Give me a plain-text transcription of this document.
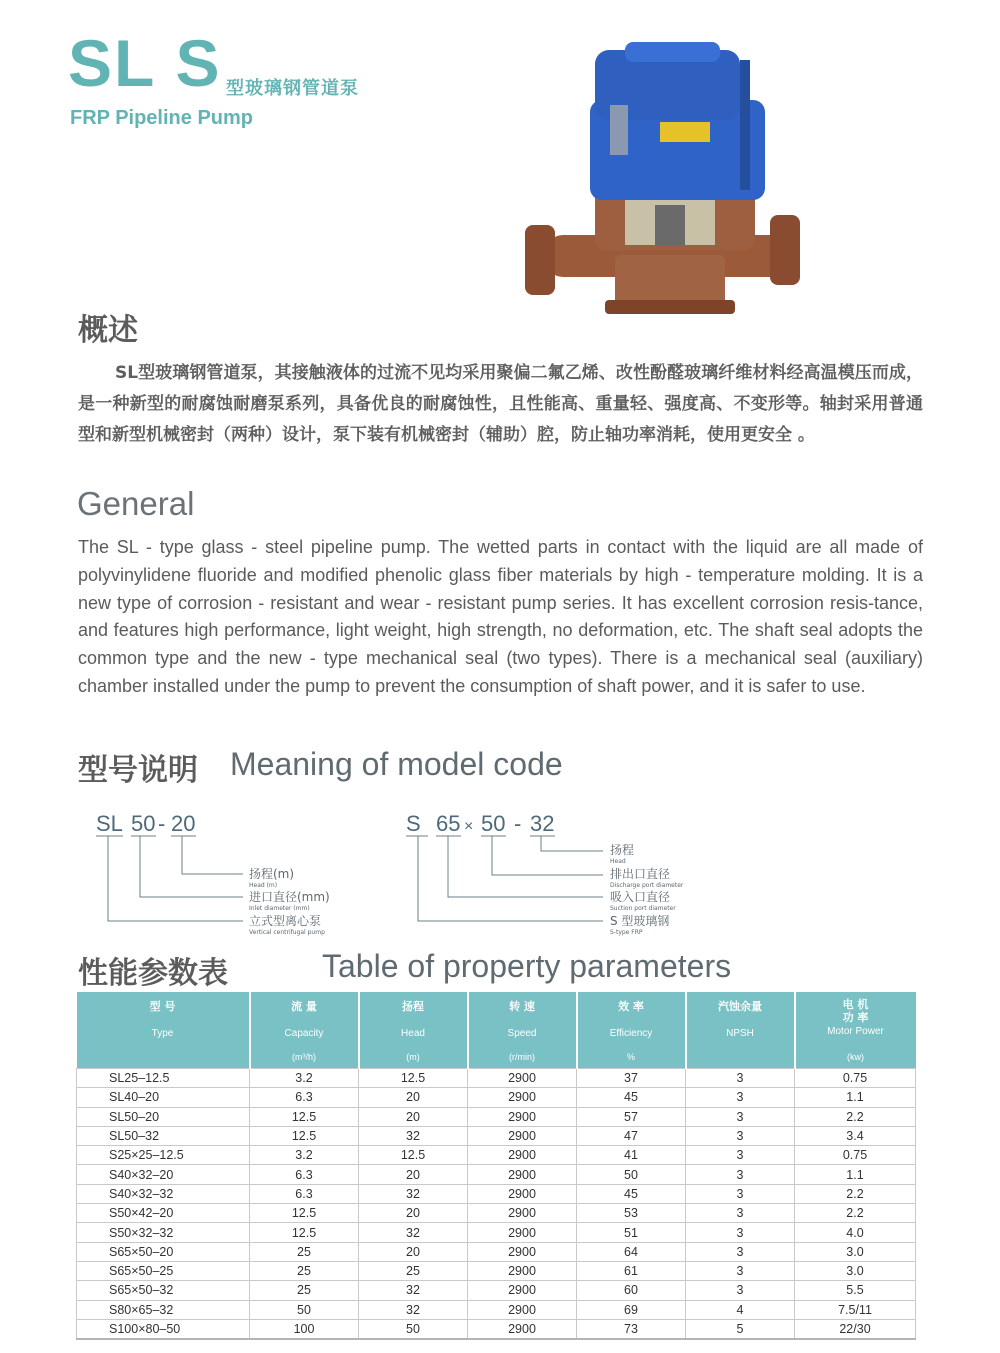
SL S 型玻璃钢管道泵
FRP Pipeline Pump
概述
SL型玻璃钢管道泵，其接触液体的过流不见均采用聚偏二氟乙烯、改性酚醛玻璃纤维材料经高温模压而成，是一种新型的耐腐蚀耐磨泵系列，具备优良的耐腐蚀性，且性能高、重量轻、强度高、不变形等。轴封采用普通型和新型机械密封（两种）设计，泵下装有机械密封（辅助）腔，防止轴功率消耗，使用更安全 。
General
The SL - type glass - steel pipeline pump. The wetted parts in contact with the liquid are all made of polyvinylidene fluoride and modified phenolic glass fiber materials by high - temperature molding. It is a new type of corrosion - resistant and wear - resistant pump series. It has excellent corrosion resis-tance, and features high performance, light weight, high strength, no deformation, etc. The shaft seal adopts the common type and the new - type mechanical seal (two types). There is a mechanical seal (auxiliary) chamber installed under the pump to prevent the consumption of shaft power, and it is safer to use.
型号说明 Meaning of model code
SL 50 - 20	S 65 × 50 - 32
扬程(m)
Head (m)
进口直径(mm)
Inlet diameter (mm)
立式型离心泵
Vertical centrifugal pump
扬程
Head
排出口直径
Discharge port diameter
吸入口直径
Suction port diameter
S 型玻璃钢
S-type FRP
性能参数表	Table of property parameters
型 号
Type	流 量
Capacity
(m³/h)	扬程
Head
(m)	转 速
Speed
(r/min)	效 率
Efficiency
%	汽蚀余量
NPSH	电 机
功 率
Motor Power
(kw)

SL25–12.5	3.2	12.5	2900	37	3	0.75
SL40–20	6.3	20	2900	45	3	1.1
SL50–20	12.5	20	2900	57	3	2.2
SL50–32	12.5	32	2900	47	3	3.4
S25×25–12.5	3.2	12.5	2900	41	3	0.75
S40×32–20	6.3	20	2900	50	3	1.1
S40×32–32	6.3	32	2900	45	3	2.2
S50×42–20	12.5	20	2900	53	3	2.2
S50×32–32	12.5	32	2900	51	3	4.0
S65×50–20	25	20	2900	64	3	3.0
S65×50–25	25	25	2900	61	3	3.0
S65×50–32	25	32	2900	60	3	5.5
S80×65–32	50	32	2900	69	4	7.5/11
S100×80–50	100	50	2900	73	5	22/30
